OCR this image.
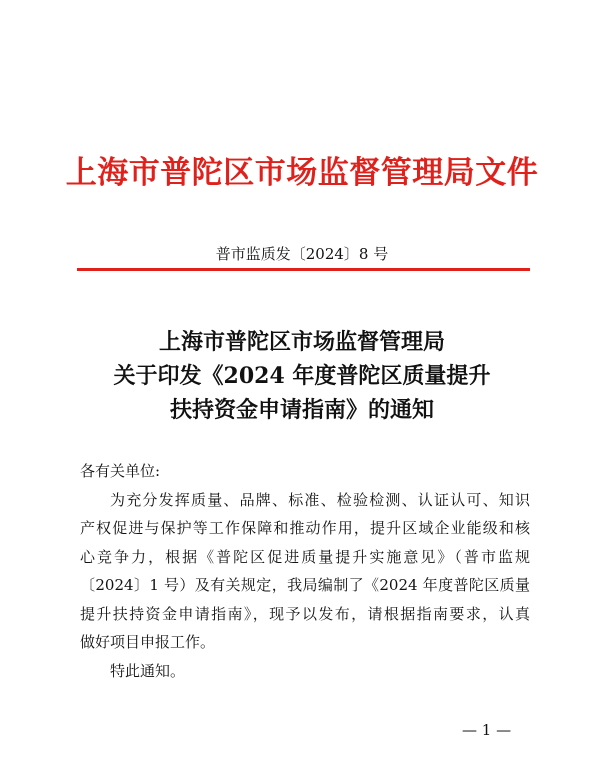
上海市普陀区市场监督管理局文件
普市监质发〔2024〕8 号
上海市普陀区市场监督管理局
关于印发《2024 年度普陀区质量提升
扶持资金申请指南》的通知
各有关单位:
为充分发挥质量、品牌、标准、检验检测、认证认可、知识
产权促进与保护等工作保障和推动作用，提升区域企业能级和核
心竞争力，根据《普陀区促进质量提升实施意见》（普市监规
〔2024〕1 号）及有关规定，我局编制了《2024 年度普陀区质量
提升扶持资金申请指南》，现予以发布，请根据指南要求，认真
做好项目申报工作。
特此通知。
— 1 —
